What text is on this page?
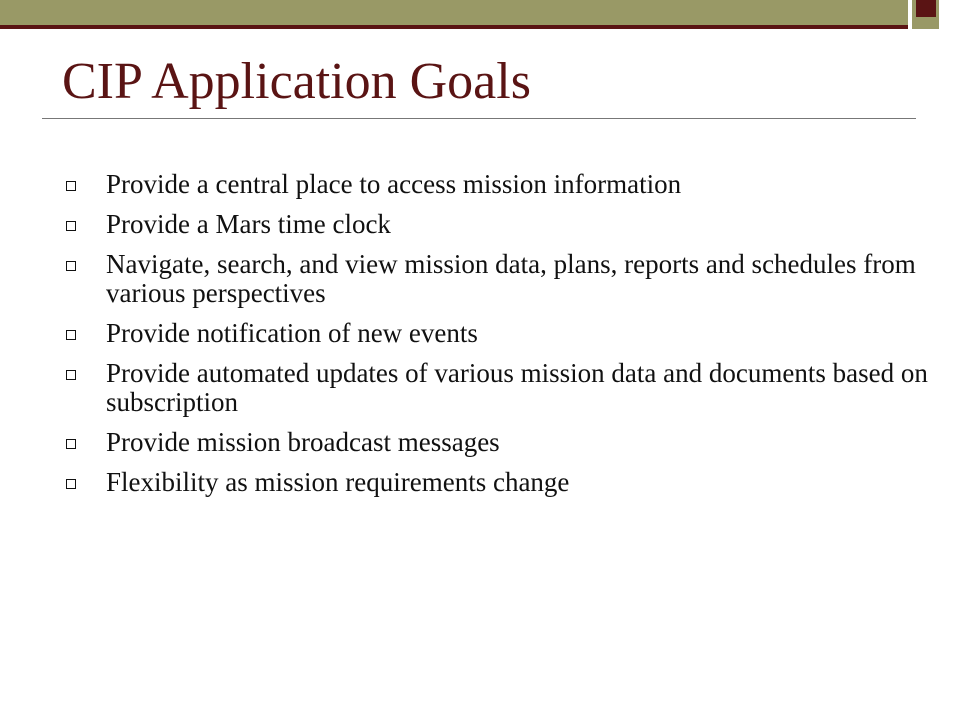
CIP Application Goals
Provide a central place to access mission information
Provide a Mars time clock
Navigate, search, and view mission data, plans, reports and schedules from various perspectives
Provide notification of new events
Provide automated updates of various mission data and documents based on subscription
Provide mission broadcast messages
Flexibility as mission requirements change
